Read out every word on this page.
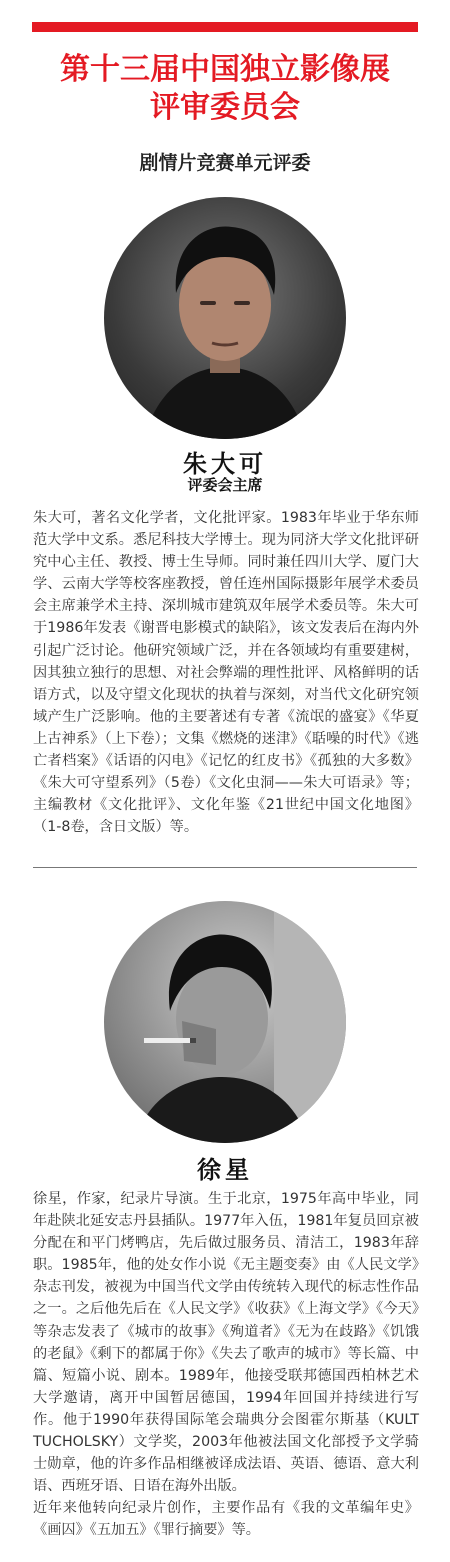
第十三届中国独立影像展
评审委员会
剧情片竞赛单元评委
朱大可
评委会主席
朱大可，著名文化学者，文化批评家。1983年毕业于华东师范大学中文系。悉尼科技大学博士。现为同济大学文化批评研究中心主任、教授、博士生导师。同时兼任四川大学、厦门大学、云南大学等校客座教授，曾任连州国际摄影年展学术委员会主席兼学术主持、深圳城市建筑双年展学术委员等。朱大可于1986年发表《谢晋电影模式的缺陷》，该文发表后在海内外引起广泛讨论。他研究领域广泛，并在各领域均有重要建树，因其独立独行的思想、对社会弊端的理性批评、风格鲜明的话语方式，以及守望文化现状的执着与深刻，对当代文化研究领域产生广泛影响。他的主要著述有专著《流氓的盛宴》《华夏上古神系》（上下卷）；文集《燃烧的迷津》《聒噪的时代》《逃亡者档案》《话语的闪电》《记忆的红皮书》《孤独的大多数》《朱大可守望系列》（5卷）《文化虫洞——朱大可语录》等；主编教材《文化批评》、文化年鉴《21世纪中国文化地图》（1-8卷，含日文版）等。
徐星
徐星，作家，纪录片导演。生于北京，1975年高中毕业，同年赴陕北延安志丹县插队。1977年入伍，1981年复员回京被分配在和平门烤鸭店，先后做过服务员、清洁工，1983年辞职。1985年，他的处女作小说《无主题变奏》由《人民文学》杂志刊发，被视为中国当代文学由传统转入现代的标志性作品之一。之后他先后在《人民文学》《收获》《上海文学》《今天》等杂志发表了《城市的故事》《殉道者》《无为在歧路》《饥饿的老鼠》《剩下的都属于你》《失去了歌声的城市》等长篇、中篇、短篇小说、剧本。1989年，他接受联邦德国西柏林艺术大学邀请，离开中国暂居德国，1994年回国并持续进行写作。他于1990年获得国际笔会瑞典分会图霍尔斯基（KULT TUCHOLSKY）文学奖，2003年他被法国文化部授予文学骑士勋章，他的许多作品相继被译成法语、英语、德语、意大利语、西班牙语、日语在海外出版。
近年来他转向纪录片创作，主要作品有《我的文革编年史》《画囚》《五加五》《罪行摘要》等。
